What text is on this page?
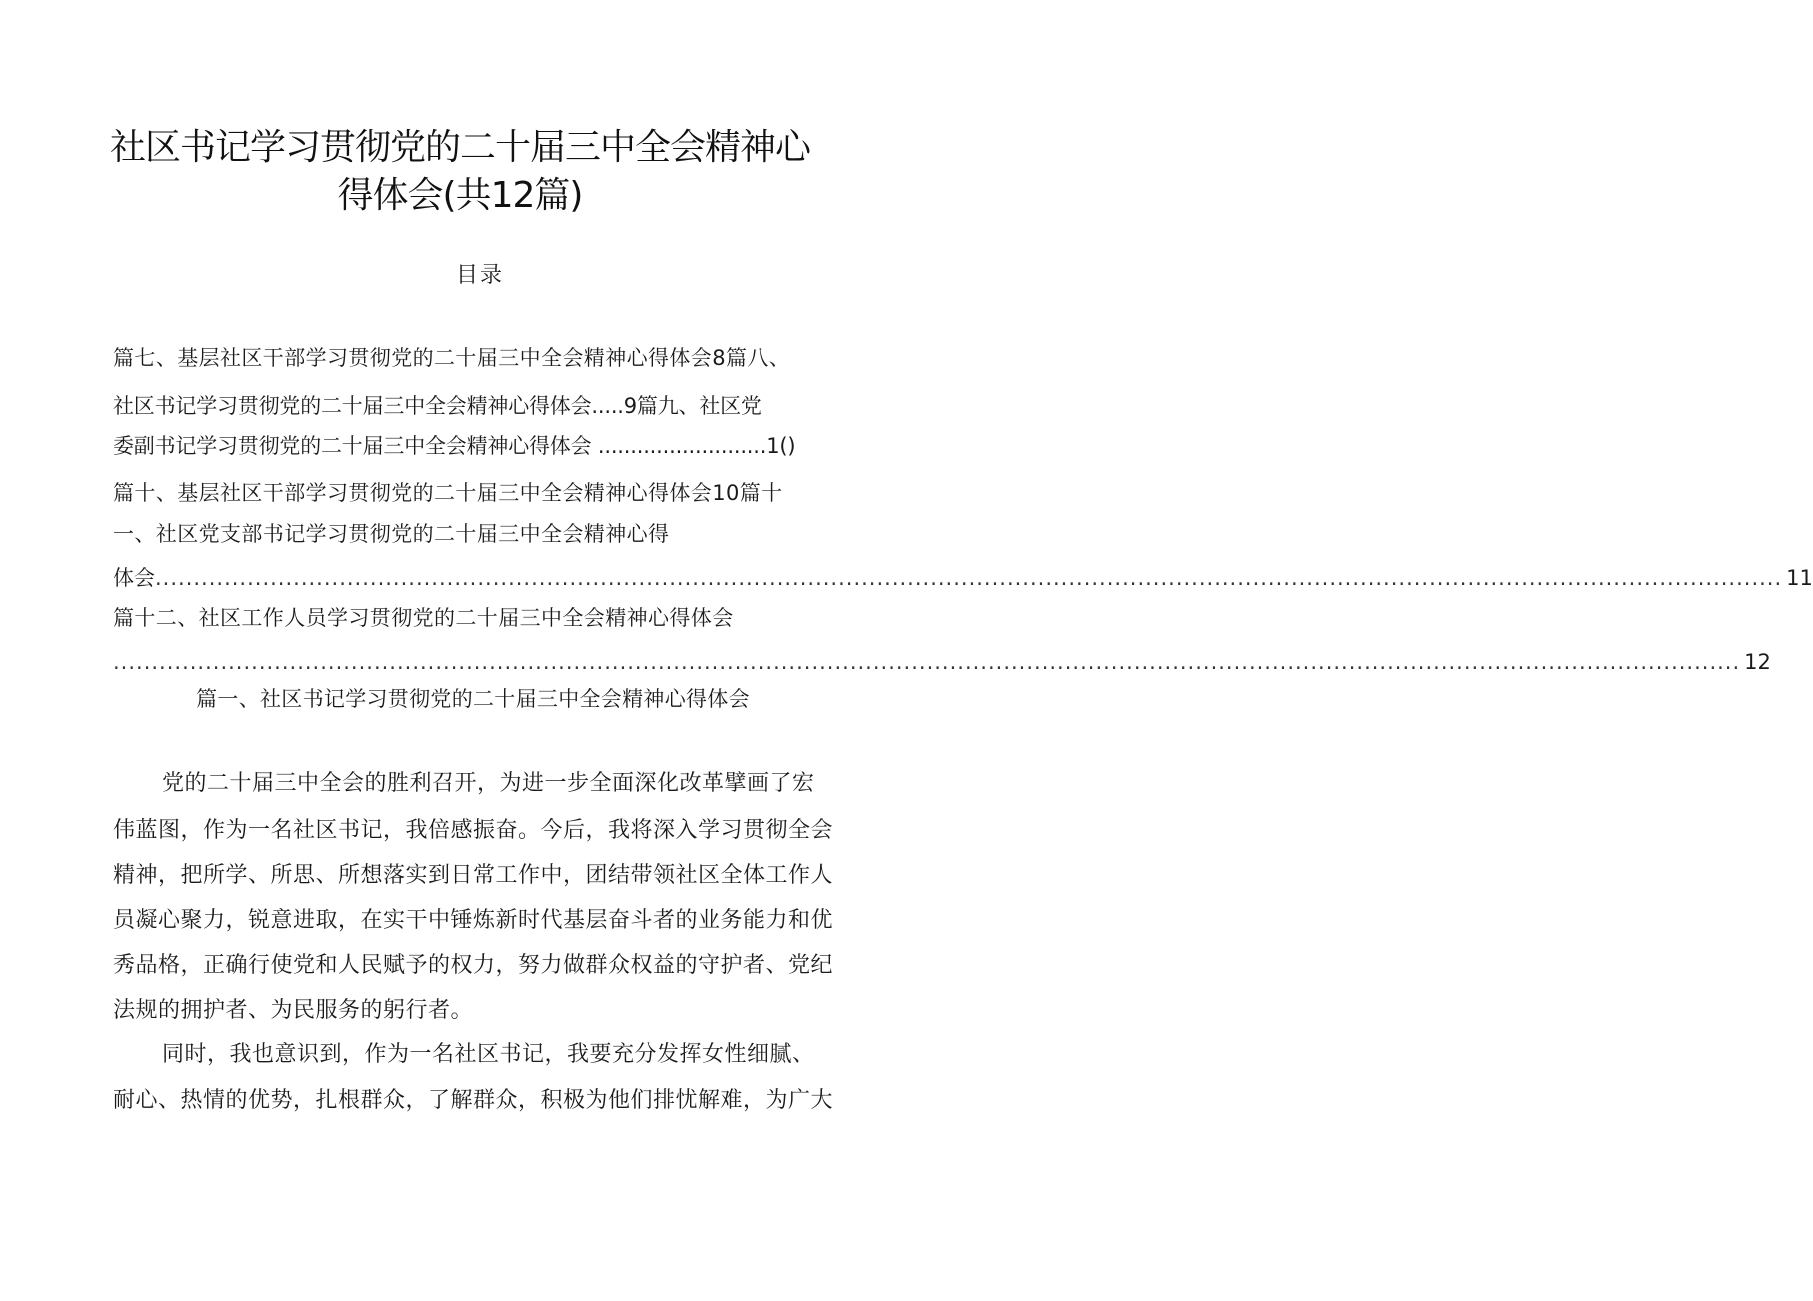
社区书记学习贯彻党的二十届三中全会精神心
得体会(共12篇)
目录
篇七、基层社区干部学习贯彻党的二十届三中全会精神心得体会8篇八、
社区书记学习贯彻党的二十届三中全会精神心得体会.....9篇九、社区党
委副书记学习贯彻党的二十届三中全会精神心得体会 ..........................1()
篇十、基层社区干部学习贯彻党的二十届三中全会精神心得体会10篇十
一、社区党支部书记学习贯彻党的二十届三中全会精神心得
体会 .................................................................................................................................................................................................................... 11
篇十二、社区工作人员学习贯彻党的二十届三中全会精神心得体会
.................................................................................................................................................................................................................... 12
篇一、社区书记学习贯彻党的二十届三中全会精神心得体会
党的二十届三中全会的胜利召开，为进一步全面深化改革擘画了宏
伟蓝图，作为一名社区书记，我倍感振奋。今后，我将深入学习贯彻全会
精神，把所学、所思、所想落实到日常工作中，团结带领社区全体工作人
员凝心聚力，锐意进取，在实干中锤炼新时代基层奋斗者的业务能力和优
秀品格，正确行使党和人民赋予的权力，努力做群众权益的守护者、党纪
法规的拥护者、为民服务的躬行者。
同时，我也意识到，作为一名社区书记，我要充分发挥女性细腻、
耐心、热情的优势，扎根群众，了解群众，积极为他们排忧解难，为广大
